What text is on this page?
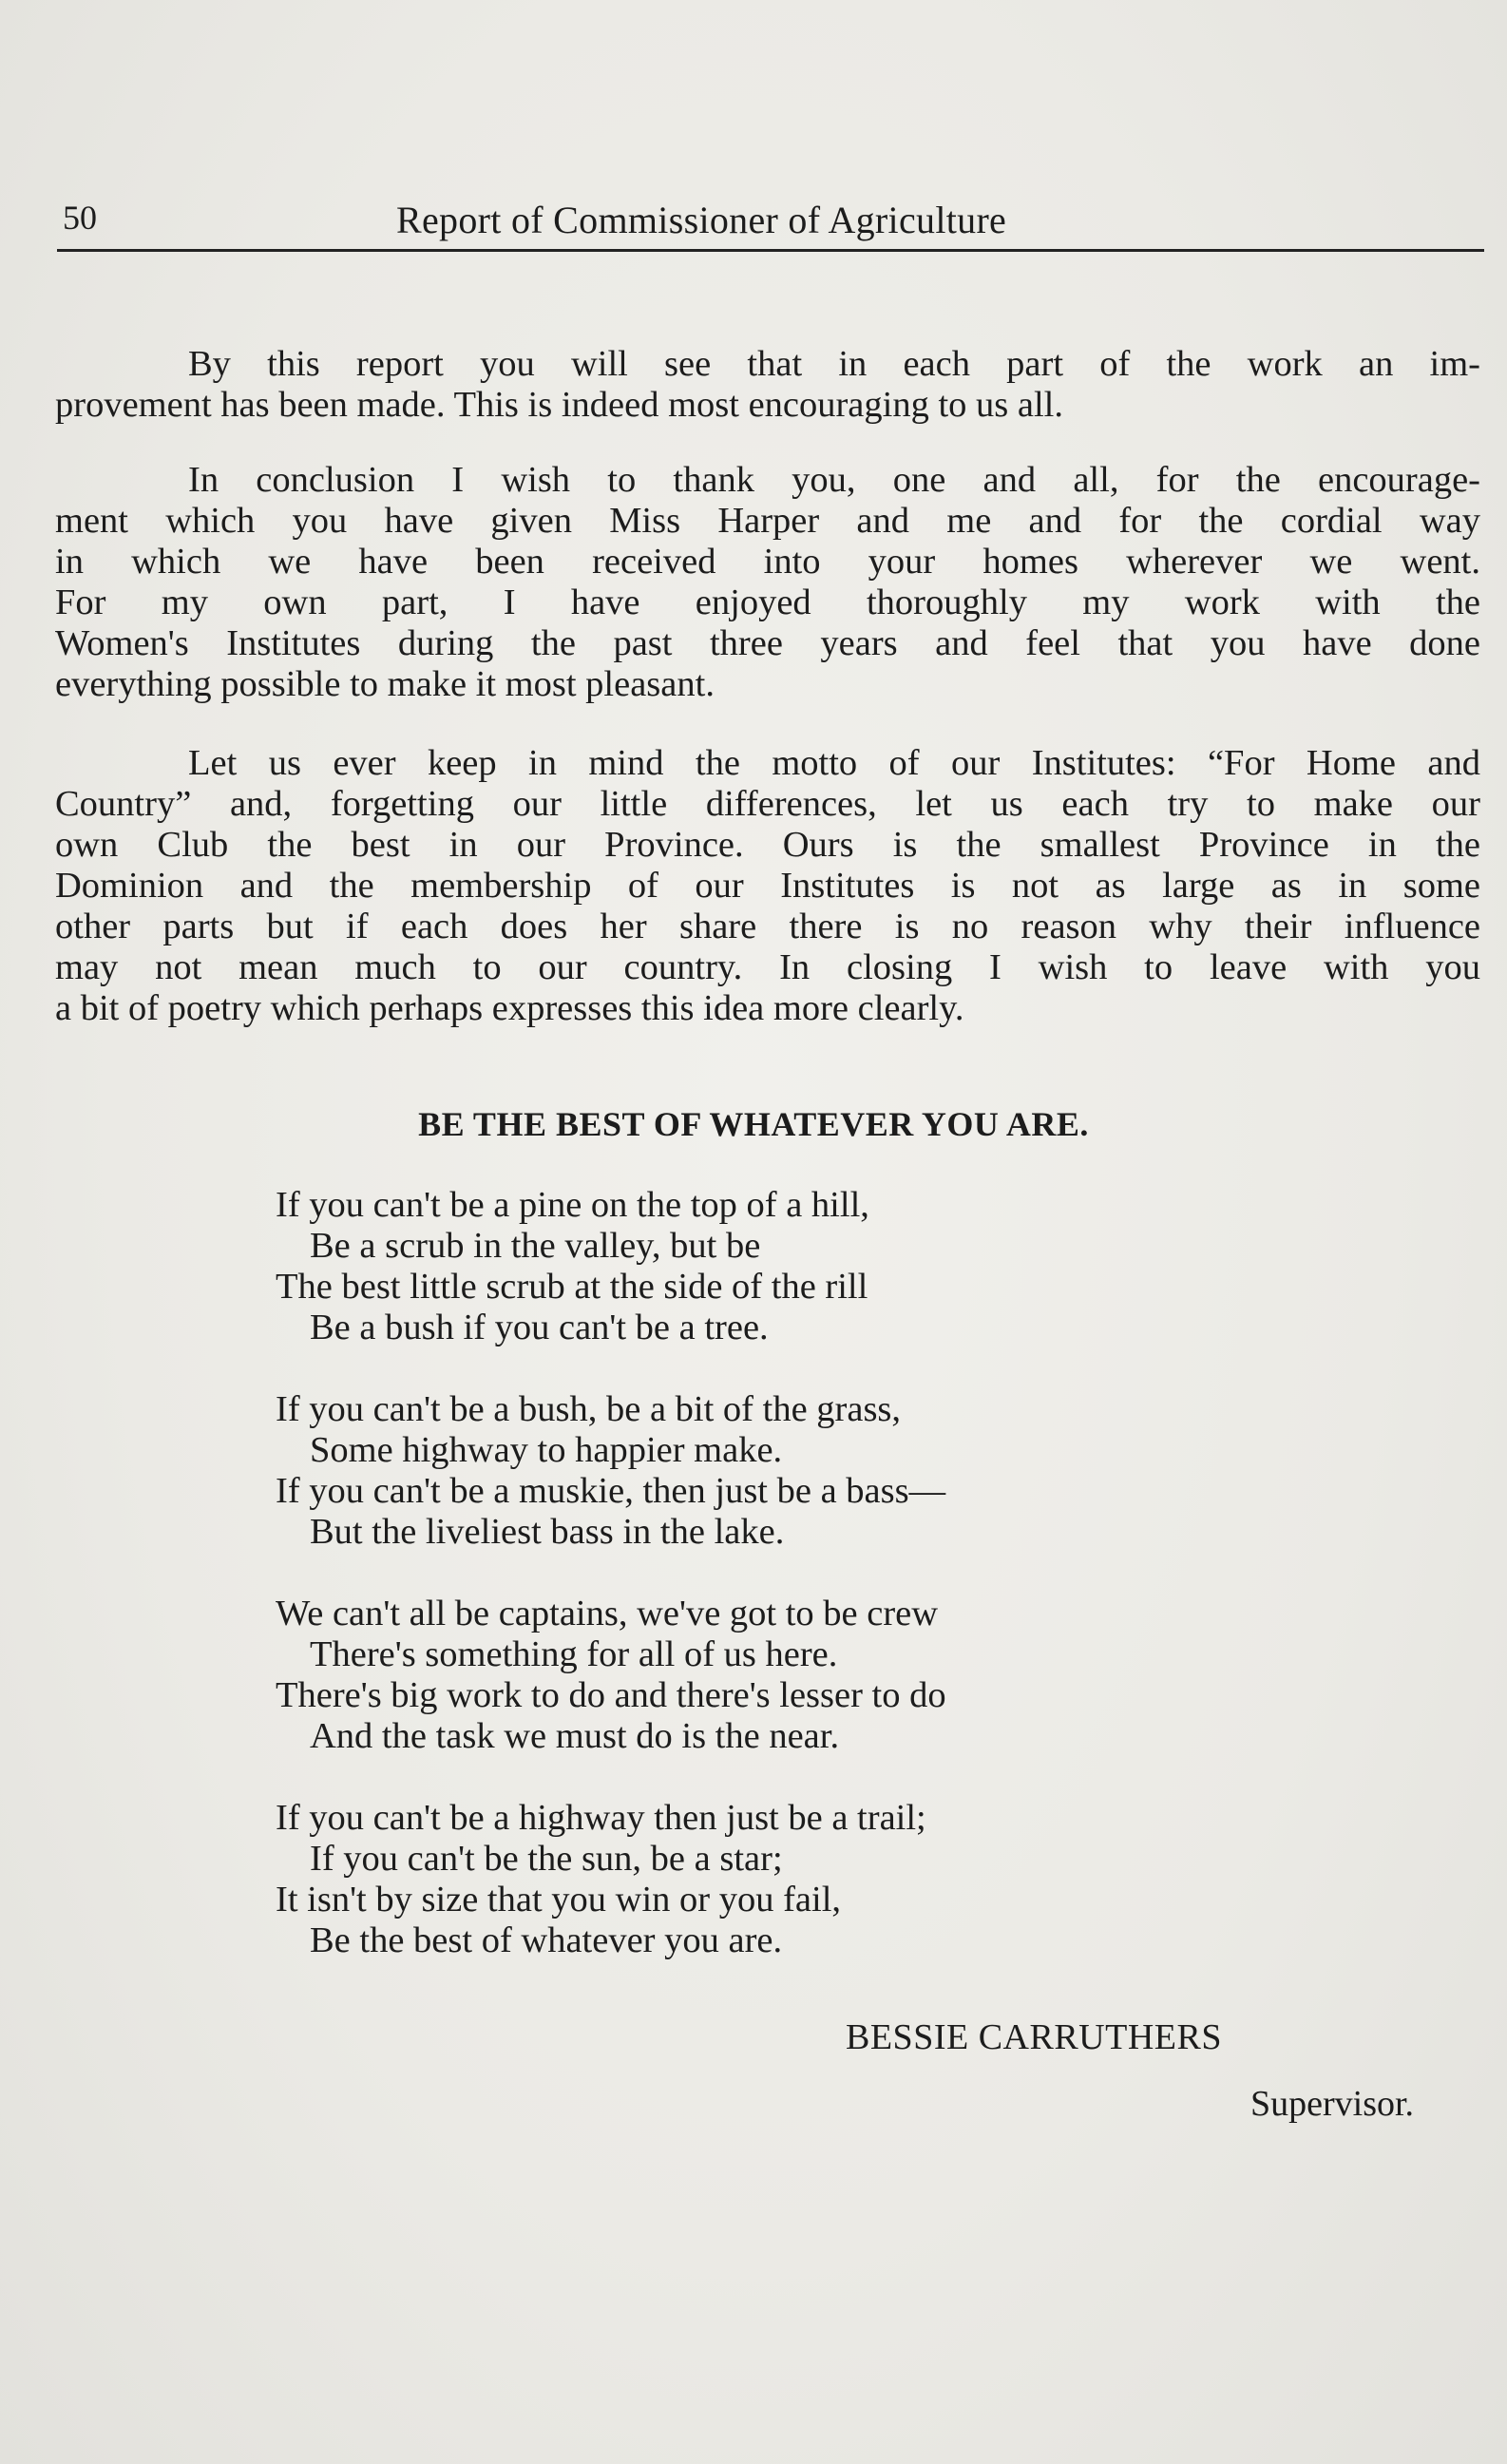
50	Report of Commissioner of Agriculture
By this report you will see that in each part of the work an im-
provement has been made. This is indeed most encouraging to us all.
In conclusion I wish to thank you, one and all, for the encourage-
ment which you have given Miss Harper and me and for the cordial way
in which we have been received into your homes wherever we went.
For my own part, I have enjoyed thoroughly my work with the
Women's Institutes during the past three years and feel that you have done
everything possible to make it most pleasant.
Let us ever keep in mind the motto of our Institutes: “For Home and
Country” and, forgetting our little differences, let us each try to make our
own Club the best in our Province. Ours is the smallest Province in the
Dominion and the membership of our Institutes is not as large as in some
other parts but if each does her share there is no reason why their influence
may not mean much to our country. In closing I wish to leave with you
a bit of poetry which perhaps expresses this idea more clearly.
BE THE BEST OF WHATEVER YOU ARE.
If you can't be a pine on the top of a hill,
Be a scrub in the valley, but be
The best little scrub at the side of the rill
Be a bush if you can't be a tree.
If you can't be a bush, be a bit of the grass,
Some highway to happier make.
If you can't be a muskie, then just be a bass—
But the liveliest bass in the lake.
We can't all be captains, we've got to be crew
There's something for all of us here.
There's big work to do and there's lesser to do
And the task we must do is the near.
If you can't be a highway then just be a trail;
If you can't be the sun, be a star;
It isn't by size that you win or you fail,
Be the best of whatever you are.
BESSIE CARRUTHERS
Supervisor.
